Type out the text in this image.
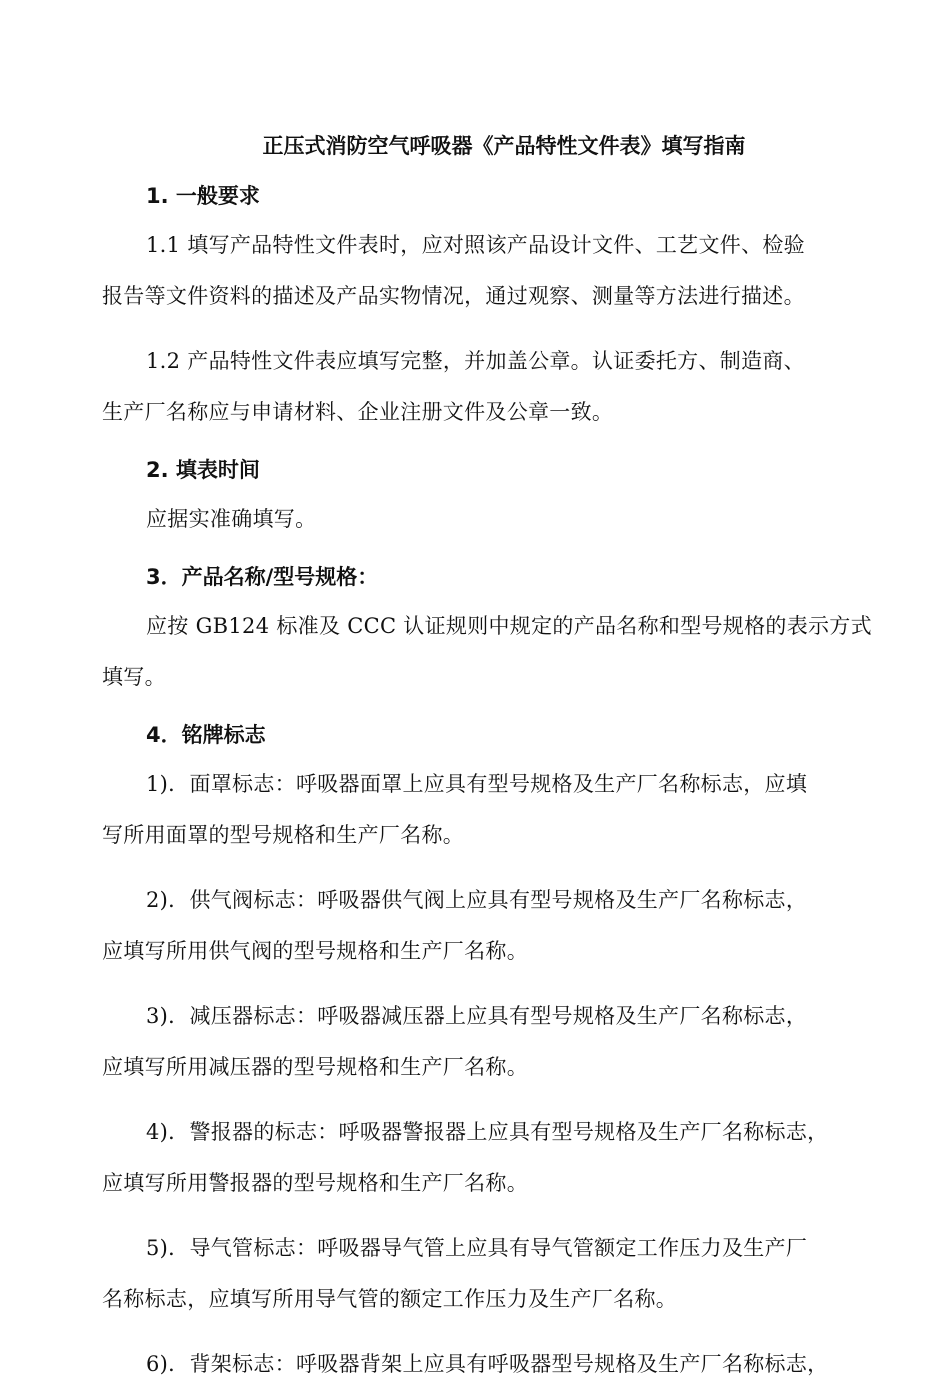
正压式消防空气呼吸器《产品特性文件表》填写指南
1. 一般要求

1.1 填写产品特性文件表时，应对照该产品设计文件、工艺文件、检验
报告等文件资料的描述及产品实物情况，通过观察、测量等方法进行描述。

1.2 产品特性文件表应填写完整，并加盖公章。认证委托方、制造商、
生产厂名称应与申请材料、企业注册文件及公章一致。

2. 填表时间

应据实准确填写。

3．产品名称/型号规格：

应按 GB124 标准及 CCC 认证规则中规定的产品名称和型号规格的表示方式
填写。

4．铭牌标志

1)．面罩标志：呼吸器面罩上应具有型号规格及生产厂名称标志，应填
写所用面罩的型号规格和生产厂名称。

2)．供气阀标志：呼吸器供气阀上应具有型号规格及生产厂名称标志，
应填写所用供气阀的型号规格和生产厂名称。

3)．减压器标志：呼吸器减压器上应具有型号规格及生产厂名称标志，
应填写所用减压器的型号规格和生产厂名称。

4)．警报器的标志：呼吸器警报器上应具有型号规格及生产厂名称标志，
应填写所用警报器的型号规格和生产厂名称。

5)．导气管标志：呼吸器导气管上应具有导气管额定工作压力及生产厂
名称标志，应填写所用导气管的额定工作压力及生产厂名称。

6)．背架标志：呼吸器背架上应具有呼吸器型号规格及生产厂名称标志，
